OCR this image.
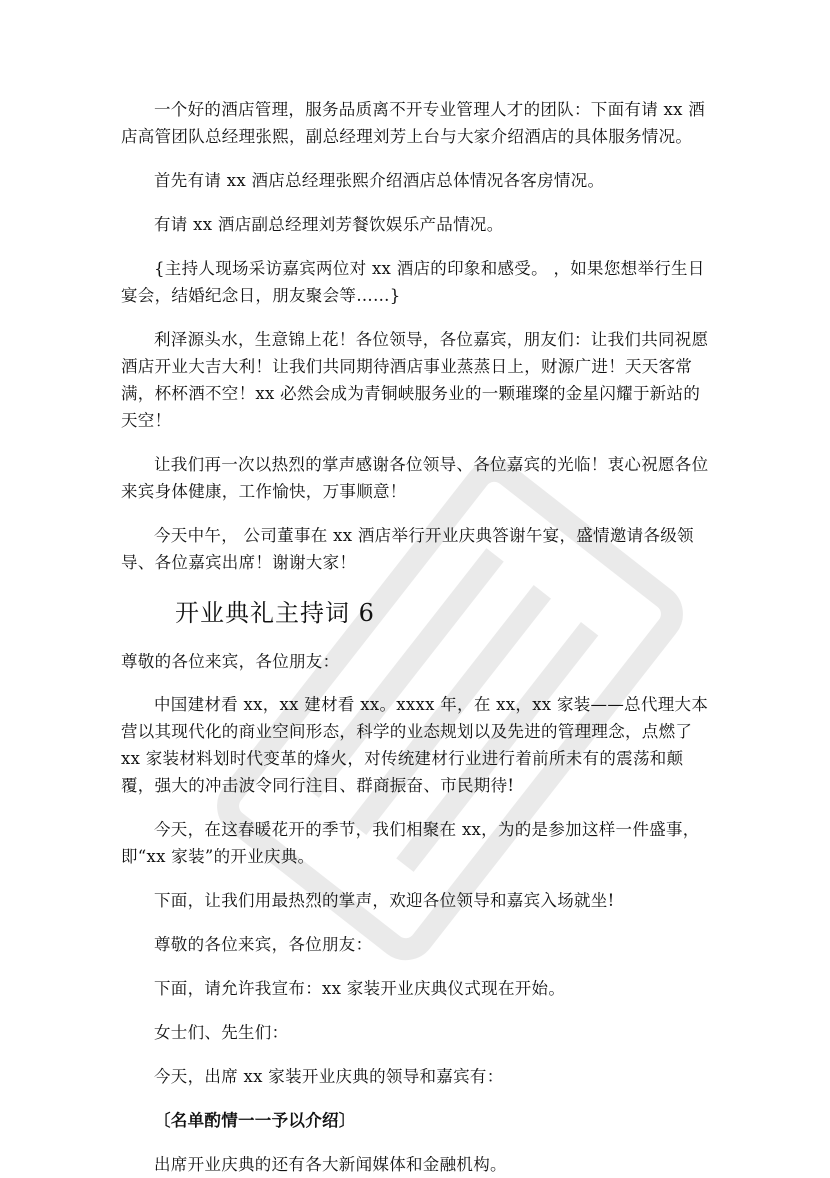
一个好的酒店管理，服务品质离不开专业管理人才的团队：下面有请 xx 酒店高管团队总经理张熙，副总经理刘芳上台与大家介绍酒店的具体服务情况。

首先有请 xx 酒店总经理张熙介绍酒店总体情况各客房情况。

有请 xx 酒店副总经理刘芳餐饮娱乐产品情况。

{主持人现场采访嘉宾两位对 xx 酒店的印象和感受。 ，如果您想举行生日宴会，结婚纪念日，朋友聚会等……}

利泽源头水，生意锦上花！各位领导，各位嘉宾，朋友们：让我们共同祝愿酒店开业大吉大利！让我们共同期待酒店事业蒸蒸日上，财源广进！天天客常满，杯杯酒不空！xx 必然会成为青铜峡服务业的一颗璀璨的金星闪耀于新站的天空！

让我们再一次以热烈的掌声感谢各位领导、各位嘉宾的光临！衷心祝愿各位来宾身体健康，工作愉快，万事顺意！

今天中午， 公司董事在 xx 酒店举行开业庆典答谢午宴，盛情邀请各级领导、各位嘉宾出席！谢谢大家！

开业典礼主持词 6

尊敬的各位来宾，各位朋友：

中国建材看 xx，xx 建材看 xx。xxxx 年，在 xx，xx 家装——总代理大本营以其现代化的商业空间形态，科学的业态规划以及先进的管理理念，点燃了 xx 家装材料划时代变革的烽火，对传统建材行业进行着前所未有的震荡和颠覆，强大的冲击波令同行注目、群商振奋、市民期待!

今天，在这春暖花开的季节，我们相聚在 xx，为的是参加这样一件盛事，即“xx 家装”的开业庆典。

下面，让我们用最热烈的掌声，欢迎各位领导和嘉宾入场就坐!

尊敬的各位来宾，各位朋友：

下面，请允许我宣布：xx 家装开业庆典仪式现在开始。

女士们、先生们：

今天，出席 xx 家装开业庆典的领导和嘉宾有：

〔名单酌情一一予以介绍〕

出席开业庆典的还有各大新闻媒体和金融机构。
